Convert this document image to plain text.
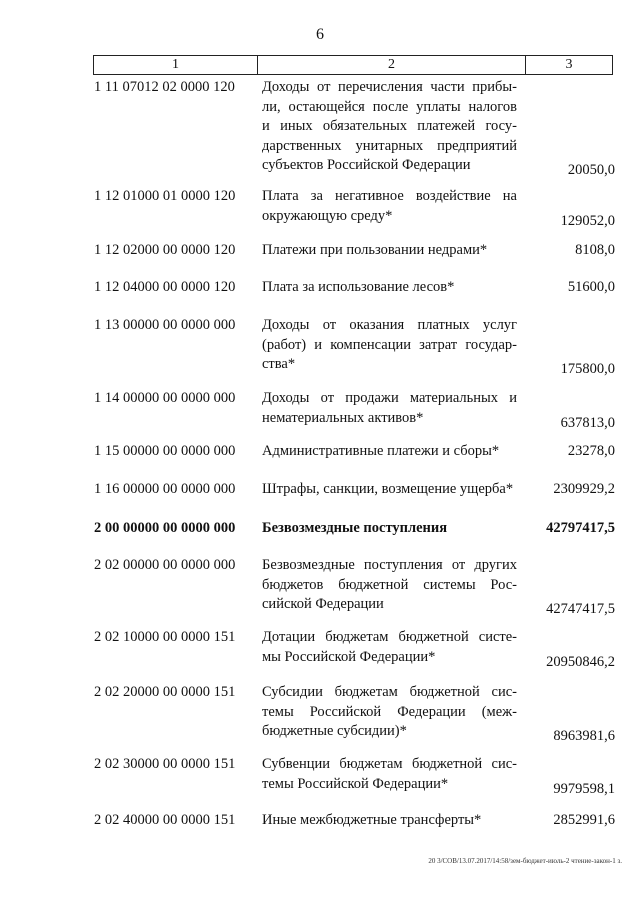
6
1	2	3
1 11 07012 02 0000 120 Доходы от перечисления части прибы-
ли, остающейся после уплаты налогов
и иных обязательных платежей госу-
дарственных унитарных предприятий
субъектов Российской Федерации	20050,0
1 12 01000 01 0000 120 Плата за негативное воздействие на
окружающую среду*	129052,0
1 12 02000 00 0000 120 Платежи при пользовании недрами*	8108,0
1 12 04000 00 0000 120 Плата за использование лесов*	51600,0
1 13 00000 00 0000 000 Доходы от оказания платных услуг
(работ) и компенсации затрат государ-
ства*	175800,0
1 14 00000 00 0000 000 Доходы от продажи материальных и
нематериальных активов*	637813,0
1 15 00000 00 0000 000 Административные платежи и сборы*	23278,0
1 16 00000 00 0000 000 Штрафы, санкции, возмещение ущерба*	2309929,2
2 00 00000 00 0000 000 Безвозмездные поступления	42797417,5
2 02 00000 00 0000 000 Безвозмездные поступления от других
бюджетов бюджетной системы Рос-
сийской Федерации	42747417,5
2 02 10000 00 0000 151 Дотации бюджетам бюджетной систе-
мы Российской Федерации*	20950846,2
2 02 20000 00 0000 151 Субсидии бюджетам бюджетной сис-
темы Российской Федерации (меж-
бюджетные субсидии)*	8963981,6
2 02 30000 00 0000 151 Субвенции бюджетам бюджетной сис-
темы Российской Федерации*	9979598,1
2 02 40000 00 0000 151 Иные межбюджетные трансферты*	2852991,6
20 3/СОВ/13.07.2017/14:58/зем-бюджет-июль-2 чтение-закон-1 з.
